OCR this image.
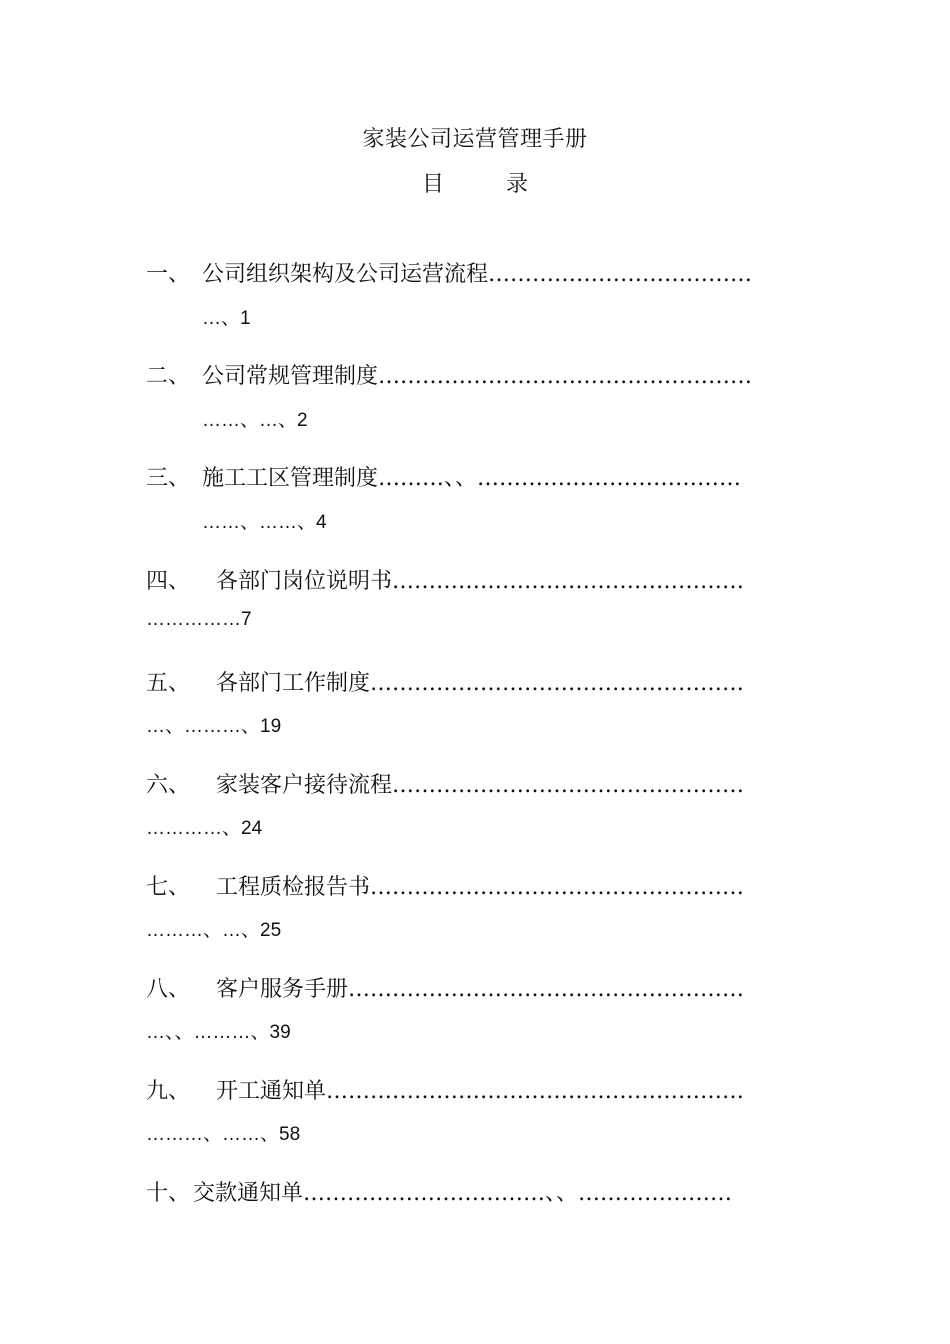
家装公司运营管理手册
目	录
一、 公司组织架构及公司运营流程………………………………
…、1
二、 公司常规管理制度……………………………………………
……、…、2
三、 施工工区管理制度………、、………………………………
……、……、4
四、 各部门岗位说明书…………………………………………
……………7
五、 各部门工作制度……………………………………………
…、………、19
六、 家装客户接待流程…………………………………………
…………、24
七、 工程质检报告书……………………………………………
………、…、25
八、 客户服务手册………………………………………………
…、、………、39
九、 开工通知单…………………………………………………
………、……、58
十、 交款通知单……………………………、、…………………
